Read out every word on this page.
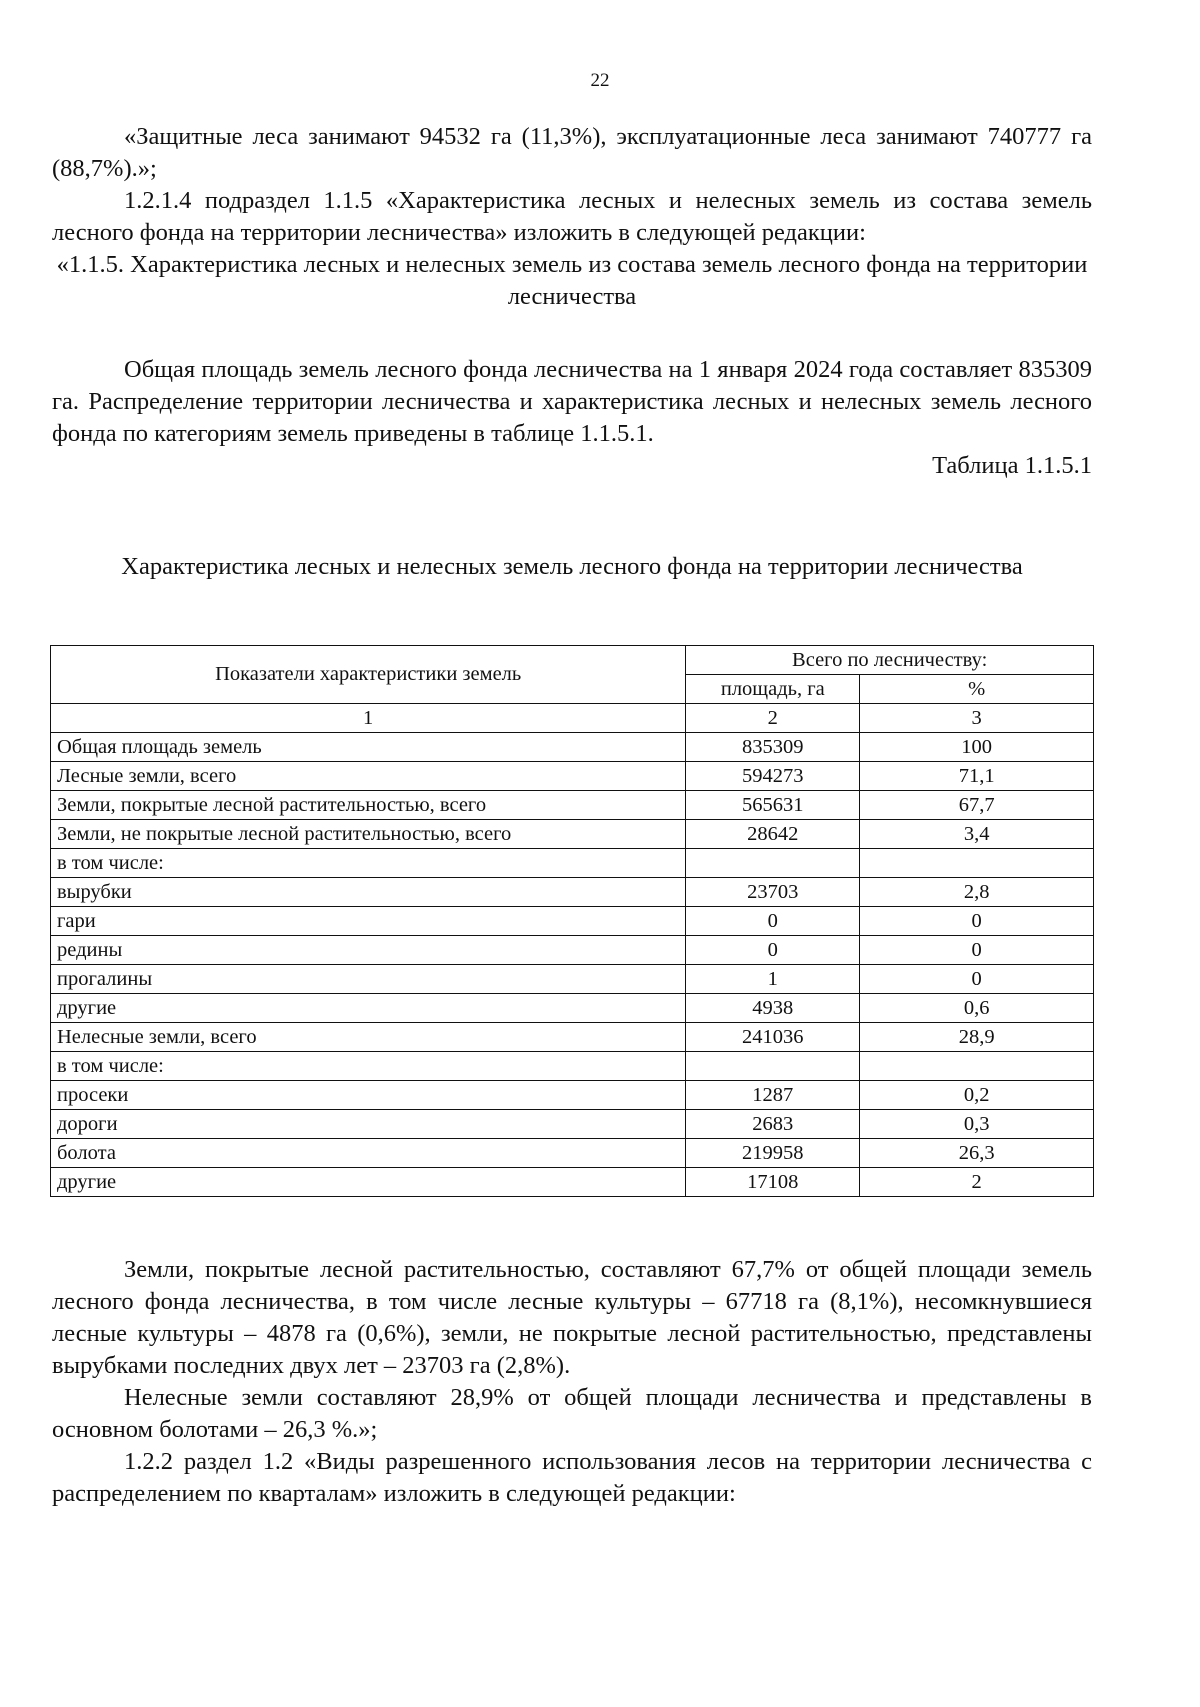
22

«Защитные леса занимают 94532 га (11,3%), эксплуатационные леса занимают 740777 га (88,7%).»;

1.2.1.4 подраздел 1.1.5 «Характеристика лесных и нелесных земель из состава земель лесного фонда на территории лесничества» изложить в следующей редакции:

«1.1.5. Характеристика лесных и нелесных земель из состава земель лесного фонда на территории лесничества

Общая площадь земель лесного фонда лесничества на 1 января 2024 года составляет 835309 га. Распределение территории лесничества и характеристика лесных и нелесных земель лесного фонда по категориям земель приведены в таблице 1.1.5.1.

Таблица 1.1.5.1

Характеристика лесных и нелесных земель лесного фонда на территории лесничества
Показатели характеристики земель	Всего по лесничеству:	
	площадь, га	%
1	2	3
Общая площадь земель	835309	100
Лесные земли, всего	594273	71,1
Земли, покрытые лесной растительностью, всего	565631	67,7
Земли, не покрытые лесной растительностью, всего	28642	3,4
в том числе:		
вырубки	23703	2,8
гари	0	0
редины	0	0
прогалины	1	0
другие	4938	0,6
Нелесные земли, всего	241036	28,9
в том числе:		
просеки	1287	0,2
дороги	2683	0,3
болота	219958	26,3
другие	17108	2

Земли, покрытые лесной растительностью, составляют 67,7% от общей площади земель лесного фонда лесничества, в том числе лесные культуры – 67718 га (8,1%), несомкнувшиеся лесные культуры – 4878 га (0,6%), земли, не покрытые лесной растительностью, представлены вырубками последних двух лет – 23703 га (2,8%).

Нелесные земли составляют 28,9% от общей площади лесничества и представлены в основном болотами – 26,3 %.»;

1.2.2 раздел 1.2 «Виды разрешенного использования лесов на территории лесничества с распределением по кварталам» изложить в следующей редакции:
